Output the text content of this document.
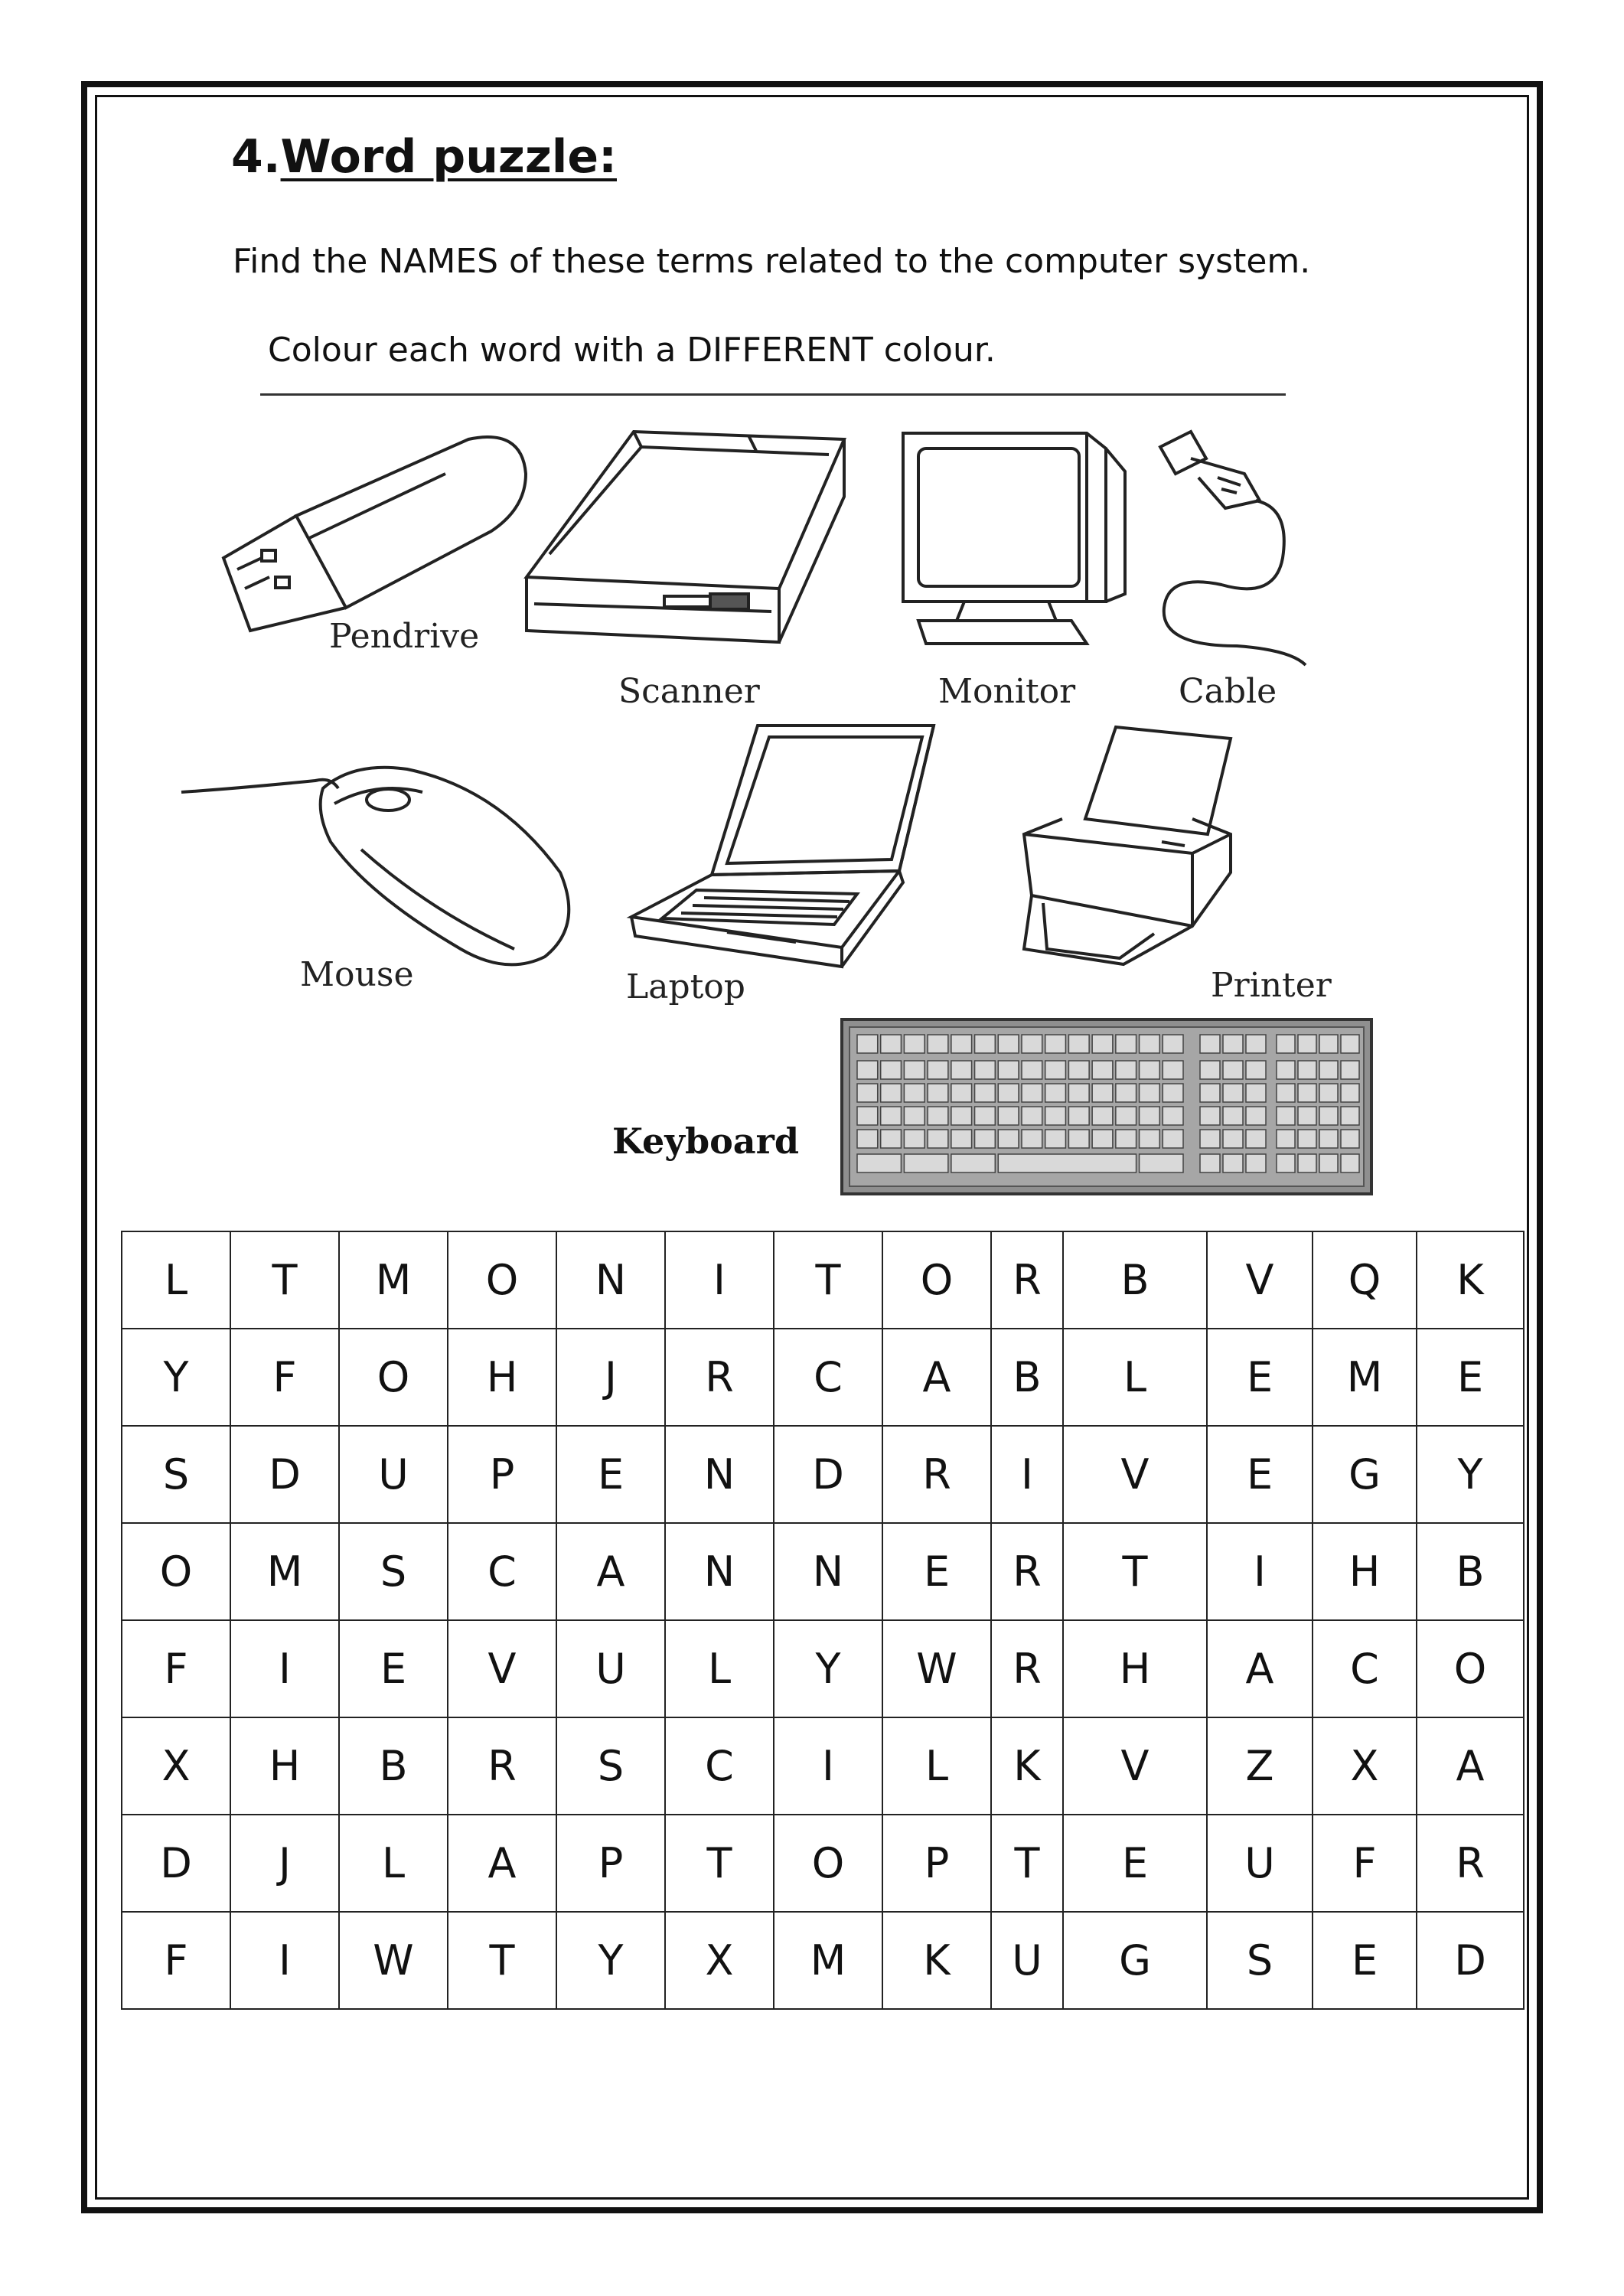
4.Word puzzle:
Find the NAMES of these terms related to the computer system.
Colour each word with a DIFFERENT colour.
Pendrive
Scanner	Monitor	Cable
Mouse	Laptop	Printer
Keyboard
L	T	M	O	N	I	T	O	R	B	V	Q	K
Y	F	O	H	J	R	C	A	B	L	E	M	E
S	D	U	P	E	N	D	R	I	V	E	G	Y
O	M	S	C	A	N	N	E	R	T	I	H	B
F	I	E	V	U	L	Y	W	R	H	A	C	O
X	H	B	R	S	C	I	L	K	V	Z	X	A
D	J	L	A	P	T	O	P	T	E	U	F	R
F	I	W	T	Y	X	M	K	U	G	S	E	D
